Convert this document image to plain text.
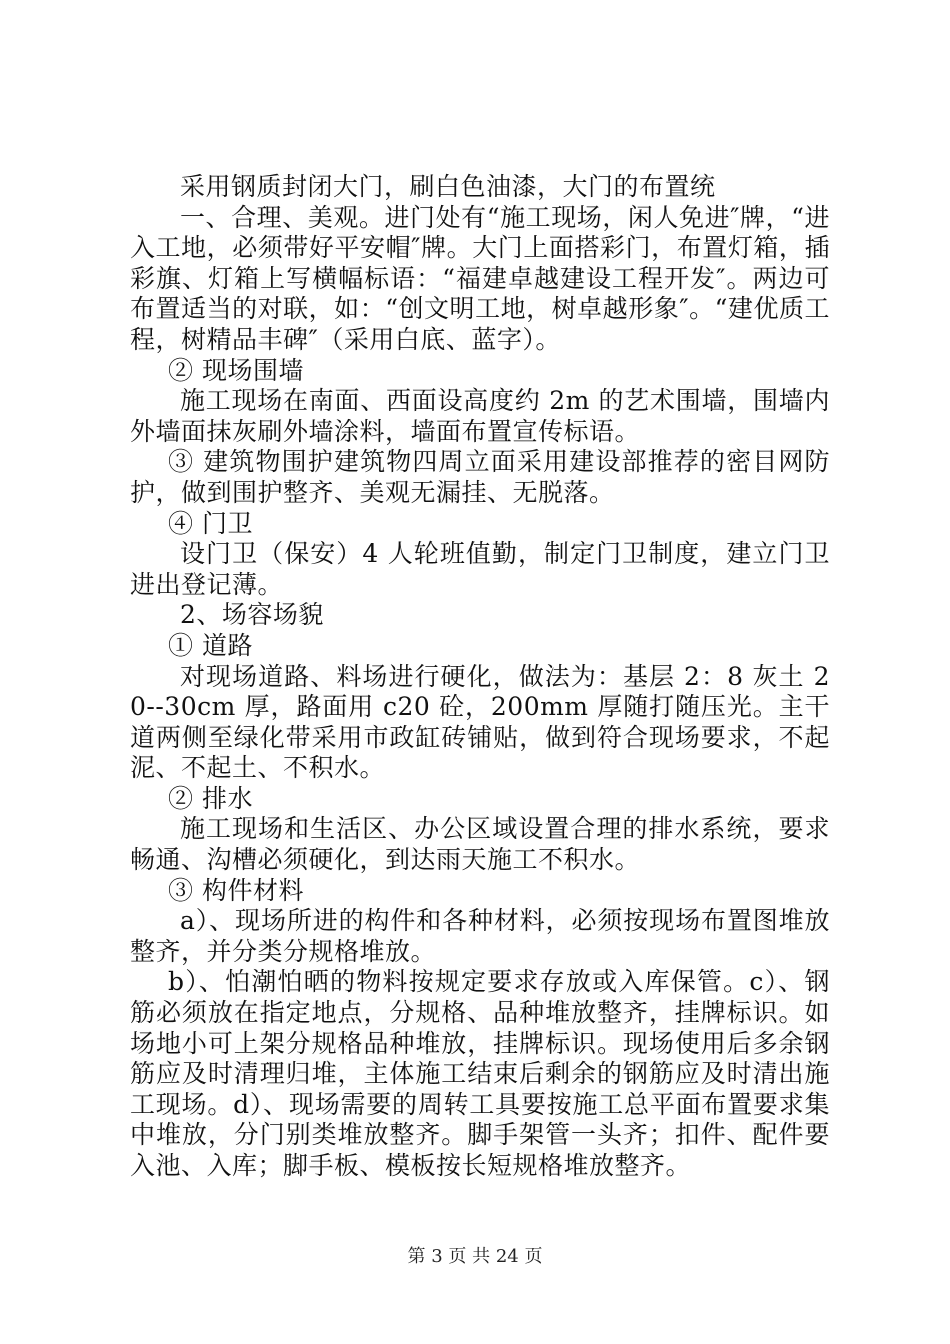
采用钢质封闭大门，刷白色油漆，大门的布置统

一、合理、美观。进门处有“施工现场，闲人免进″牌，“进入工地，必须带好平安帽″牌。大门上面搭彩门，布置灯箱，插彩旗、灯箱上写横幅标语：“福建卓越建设工程开发″。两边可布置适当的对联，如：“创文明工地，树卓越形象″。“建优质工程，树精品丰碑″（采用白底、蓝字）。

② 现场围墙

施工现场在南面、西面设高度约 2m 的艺术围墙，围墙内外墙面抹灰刷外墙涂料，墙面布置宣传标语。

③ 建筑物围护建筑物四周立面采用建设部推荐的密目网防护，做到围护整齐、美观无漏挂、无脱落。

④ 门卫

设门卫（保安）4 人轮班值勤，制定门卫制度，建立门卫进出登记薄。

2、场容场貌

① 道路

对现场道路、料场进行硬化，做法为：基层 2：8 灰土 20--30cm 厚，路面用 c20 砼，200mm 厚随打随压光。主干道两侧至绿化带采用市政缸砖铺贴，做到符合现场要求，不起泥、不起土、不积水。

② 排水

施工现场和生活区、办公区域设置合理的排水系统，要求畅通、沟槽必须硬化，到达雨天施工不积水。

③ 构件材料

a）、现场所进的构件和各种材料，必须按现场布置图堆放整齐，并分类分规格堆放。

b）、怕潮怕晒的物料按规定要求存放或入库保管。c）、钢筋必须放在指定地点，分规格、品种堆放整齐，挂牌标识。如场地小可上架分规格品种堆放，挂牌标识。现场使用后多余钢筋应及时清理归堆，主体施工结束后剩余的钢筋应及时清出施工现场。d）、现场需要的周转工具要按施工总平面布置要求集中堆放，分门别类堆放整齐。脚手架管一头齐；扣件、配件要入池、入库；脚手板、模板按长短规格堆放整齐。

第 3 页 共 24 页
